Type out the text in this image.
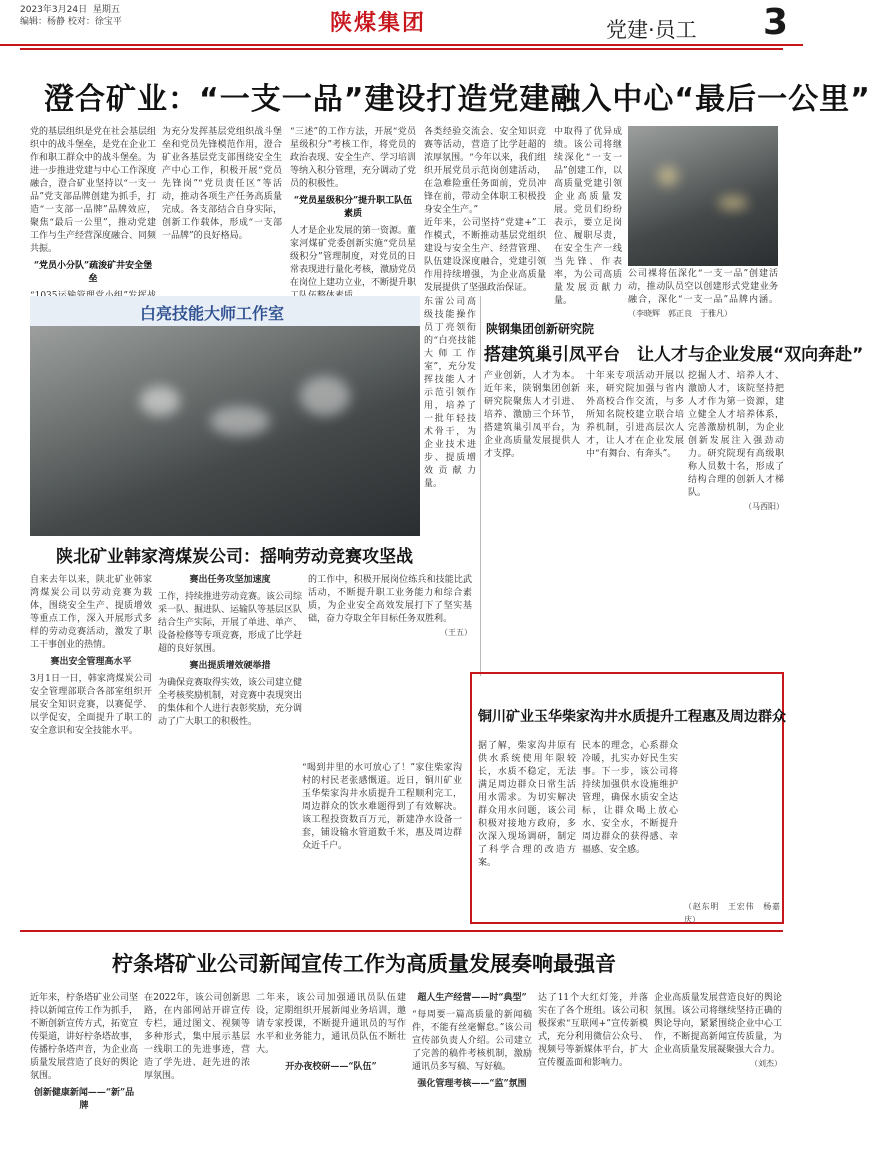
2023年3月24日 星期五
编辑：杨静 校对：徐宝平	陕煤集团	党建·员工 3
澄合矿业：“一支一品”建设打造党建融入中心“最后一公里”

党的基层组织是党在社会基层组织中的战斗堡垒，是党在企业工作和职工群众中的战斗堡垒。为进一步推进党建与中心工作深度融合，澄合矿业坚持以“一支一品”党支部品牌创建为抓手，打造“一支部一品牌”品牌效应，聚焦“最后一公里”，推动党建工作与生产经营深度融合、同频共振。

“党员小分队”疏浚矿井安全堡垒

为充分发挥基层党组织战斗堡垒和党员先锋模范作用，澄合矿业各基层党支部围绕安全生产中心工作，积极开展“党员先锋岗”“党员责任区”等活动，推动各项生产任务高质量完成。各支部结合自身实际，创新工作载体，形成“一支部一品牌”的良好格局。

“三述”的工作方法，开展“党员星级积分”考核工作，将党员的政治表现、安全生产、学习培训等纳入积分管理，充分调动了党员的积极性。

“党员星级积分”提升职工队伍素质

人才是企业发展的第一资源。董家河煤矿党委创新实施“党员星级积分”管理制度，对党员的日常表现进行量化考核，激励党员在岗位上建功立业，不断提升职

各类经验交流会、安全知识竞赛等活动，营造了比学赶超的浓厚氛围。“今年以来，我们组织开展党员示范岗创建活动，在急难险重任务面前，党员冲锋在前，带动全体职工积极投身安全生产。”

近年来，公司坚持“党建+”工作模式，不断推动基层党组织建设与安全生产、经营管理、队伍建设深度融合，党建引领作用持续增强，为企业高质量发展提供了坚强政治保证。

中取得了优异成绩。该公司将继续深化“一支一品”创建工作，以高质量党建引领企业高质量发展。党员们纷纷表示，要立足岗位、履职尽责，在安全生产一线当先锋、作表率，为公司高质量发展贡献力量。

公司裸将伍深化“一支一品”创建活动，推动队员空以创建形式党建业务融合，深化“一支一品”品牌内涵。 （李晓辉　郭正良　于雅凡）
白亮技能大师工作室
东雷公司高级技能操作员丁亮领衔的“白亮技能大师工作室”，充分发挥技能人才示范引领作用，培养了一批年轻技术骨干，为企业技术进步、提质增效贡献力量。
陕钢集团创新研究院
搭建筑巢引凤平台　让人才与企业发展“双向奔赴”

产业创新，人才为本。近年来，陕钢集团创新研究院聚焦人才引进、培养、激励三个环节，搭建筑巢引凤平台，为企业高质量发展提供人才支撑。

十年来专项活动开展以来，研究院加强与省内外高校合作交流，与多所知名院校建立联合培养机制，引进高层次人才，让人才在企业发展中“有舞台、有奔头”。

挖掘人才、培养人才、激励人才，该院坚持把人才作为第一资源，建立健全人才培养体系，完善激励机制，为企业创新发展注入强劲动力。研究院现有高级职称人员数十名，形成了结构合理的创新人才梯队。

（马西阳）

陕北矿业韩家湾煤炭公司：揺响劳动竞赛攻坚战

自来去年以来，陕北矿业韩家湾煤炭公司以劳动竞赛为载体，围绕安全生产、提质增效等重点工作，深入开展形式多样的劳动竞赛活动，激发了职工干事创业的热情。

赛出安全管理高水平

3月1日一日，韩家湾煤炭公司安全管理部联合各部室组织开展安全知识竞赛，以赛促学、以学促安，全面提升了职工的安全意识和安全技能水平。

赛出任务攻坚加速度

工作，持续推进劳动竞赛。该公司综采一队、掘进队、运输队等基层区队结合生产实际，开展了单进、单产、设备检修等专项竞赛，形成了比学赶超的良好氛围。

赛出提质增效硬举措

为确保竞赛取得实效，该公司建立健全考核奖励机制，对竞赛中表现突出的集体和个人进行表彰奖励，充分调动了广大职工的积极性。

的工作中，积极开展岗位练兵和技能比武活动，不断提升职工业务能力和综合素质，为企业安全高效发展打下了坚实基础，奋力夺取全年目标任务双胜利。

（王五）

铜川矿业玉华柴家沟井水质提升工程惠及周边群众

“喝到井里的水可放心了！”家住柴家沟村的村民老张感慨道。近日，铜川矿业玉华柴家沟井水质提升工程顺利完工，周边群众的饮水难题得到了有效解决。该工程投资数百万元，新建净水设备一套，铺设输水管道数千米，惠及周边群众近千户。

据了解，柴家沟井原有供水系统使用年限较长，水质不稳定，无法满足周边群众日常生活用水需求。为切实解决群众用水问题，该公司积极对接地方政府，多次深入现场调研，制定了科学合理的改造方案。

民本的理念，心系群众冷暖，扎实办好民生实事。下一步，该公司将持续加强供水设施维护管理，确保水质安全达标，让群众喝上放心水、安全水，不断提升周边群众的获得感、幸福感、安全感。

（赵东明　王宏伟　杨嘉庆）

柠条塔矿业公司新闻宣传工作为高质量发展奏响最强音

近年来，柠条塔矿业公司坚持以新闻宣传工作为抓手，不断创新宣传方式，拓宽宣传渠道，讲好柠条塔故事，传播柠条塔声音，为企业高质量发展营造了良好的舆论氛围。

创新健康新闻——“新”品牌

在2022年，该公司创新思路，在内部网站开辟宣传专栏，通过图文、视频等多种形式，集中展示基层一线职工的先进事迹，营造了学先进、赶先进的浓厚氛围。

二年来，该公司加强通讯员队伍建设，定期组织开展新闻业务培训，邀请专家授课，不断提升通讯员的写作水平和业务能力，通讯员队伍不断壮大。

开办夜校研——“队伍”

超人生产经营——时“典型”

“每周要一篇高质量的新闻稿件，不能有丝毫懈怠。”该公司宣传部负责人介绍。公司建立了完善的稿件考核机制，激励通讯员多写稿、写好稿。

强化管理考核——“监”氛围

达了11个大红灯笼，并落实在了各个班组。该公司积极探索“互联网+”宣传新模式，充分利用微信公众号、视频号等新媒体平台，扩大宣传覆盖面和影响力。

企业高质量发展营造良好的舆论氛围。该公司将继续坚持正确的舆论导向，紧紧围绕企业中心工作，不断提高新闻宣传质量，为企业高质量发展凝聚强大合力。

（刘杰）
